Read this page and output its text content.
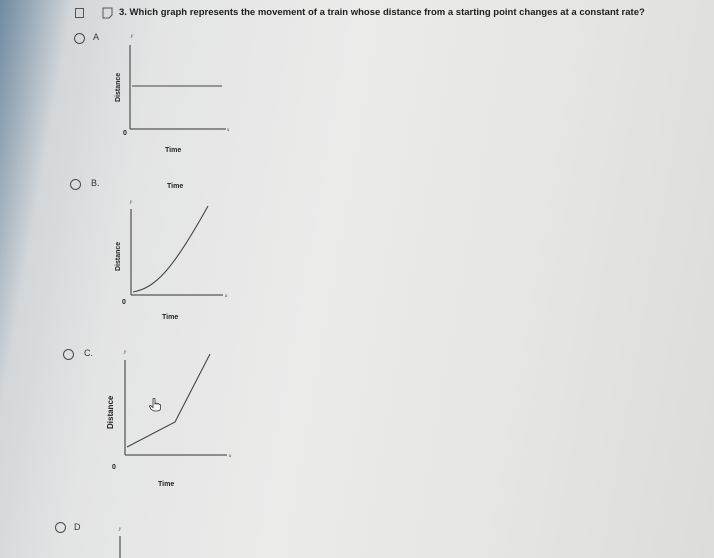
3. Which graph represents the movement of a train whose distance from a starting point changes at a constant rate?
A	y
x
0
Time
Distance
B.	Time
y
x
0
Time
Distance
C.	y
x
0
Time
Distance
D	y
